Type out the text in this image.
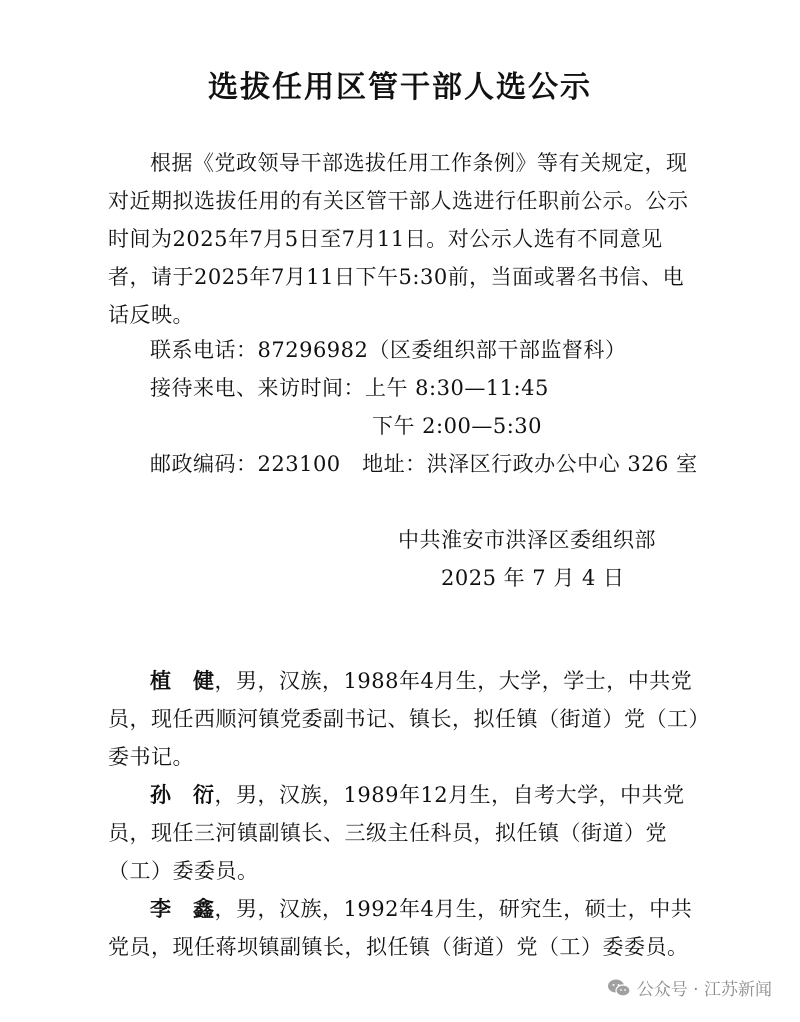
选拔任用区管干部人选公示

根据《党政领导干部选拔任用工作条例》等有关规定，现对近期拟选拔任用的有关区管干部人选进行任职前公示。公示时间为2025年7月5日至7月11日。对公示人选有不同意见者，请于2025年7月11日下午5:30前，当面或署名书信、电话反映。

联系电话：87296982（区委组织部干部监督科）

接待来电、来访时间：上午 8:30—11:45

下午 2:00—5:30

邮政编码：223100　地址：洪泽区行政办公中心 326 室

中共淮安市洪泽区委组织部
2025 年 7 月 4 日

植　健，男，汉族，1988年4月生，大学，学士，中共党员，现任西顺河镇党委副书记、镇长，拟任镇（街道）党（工）委书记。

孙　衍，男，汉族，1989年12月生，自考大学，中共党员，现任三河镇副镇长、三级主任科员，拟任镇（街道）党（工）委委员。

李　鑫，男，汉族，1992年4月生，研究生，硕士，中共党员，现任蒋坝镇副镇长，拟任镇（街道）党（工）委委员。

公众号 · 江苏新闻
